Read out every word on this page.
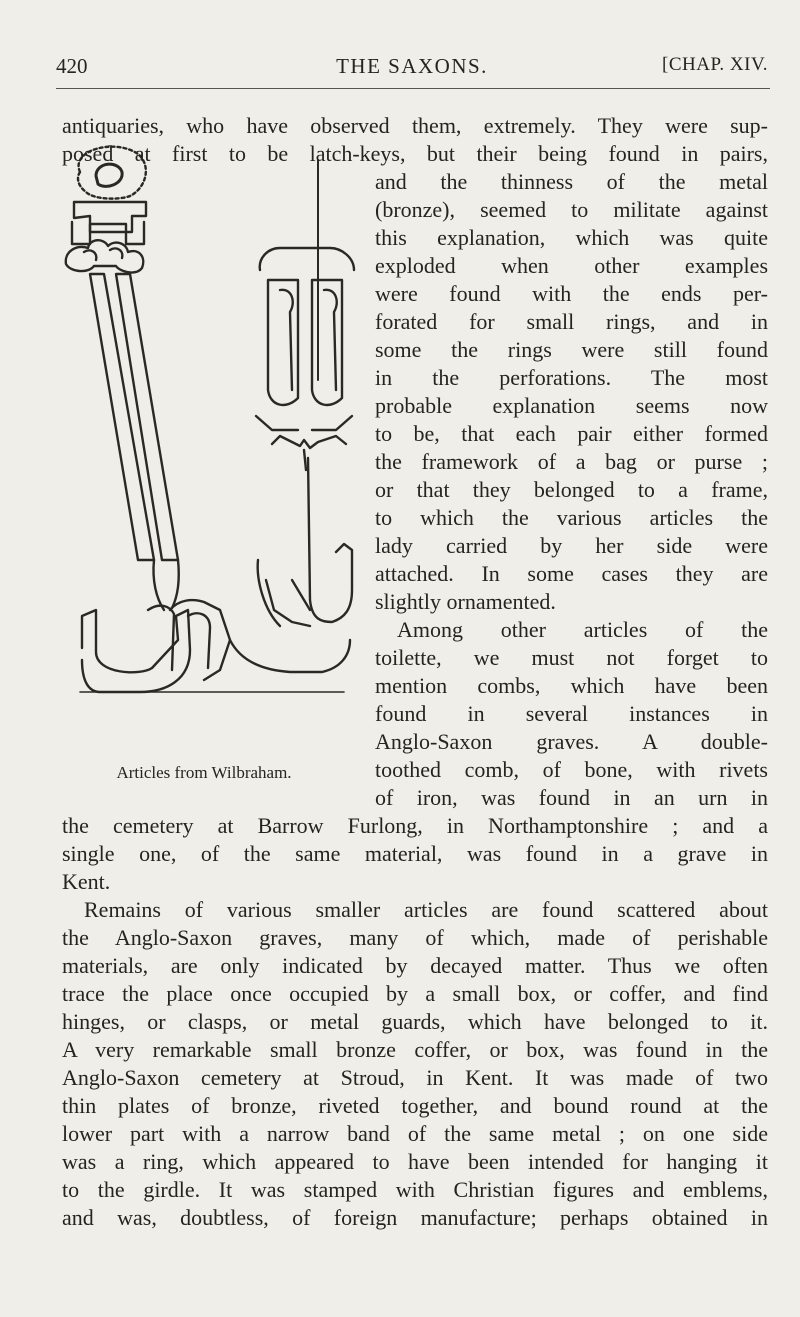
420	THE SAXONS.	[CHAP. XIV.
Articles from Wilbraham.
antiquaries, who have observed them, extremely. They were sup-
posed at first to be latch-keys, but their being found in pairs,
and the thinness of the metal
(bronze), seemed to militate against
this explanation, which was quite
exploded when other examples
were found with the ends per-
forated for small rings, and in
some the rings were still found
in the perforations. The most
probable explanation seems now
to be, that each pair either formed
the framework of a bag or purse ;
or that they belonged to a frame,
to which the various articles the
lady carried by her side were
attached. In some cases they are
slightly ornamented.
Among other articles of the
toilette, we must not forget to
mention combs, which have been
found in several instances in
Anglo-Saxon graves. A double-
toothed comb, of bone, with rivets
of iron, was found in an urn in
the cemetery at Barrow Furlong, in Northamptonshire ; and a
single one, of the same material, was found in a grave in
Kent.
Remains of various smaller articles are found scattered about
the Anglo-Saxon graves, many of which, made of perishable
materials, are only indicated by decayed matter. Thus we often
trace the place once occupied by a small box, or coffer, and find
hinges, or clasps, or metal guards, which have belonged to it.
A very remarkable small bronze coffer, or box, was found in the
Anglo-Saxon cemetery at Stroud, in Kent. It was made of two
thin plates of bronze, riveted together, and bound round at the
lower part with a narrow band of the same metal ; on one side
was a ring, which appeared to have been intended for hanging it
to the girdle. It was stamped with Christian figures and emblems,
and was, doubtless, of foreign manufacture; perhaps obtained in
